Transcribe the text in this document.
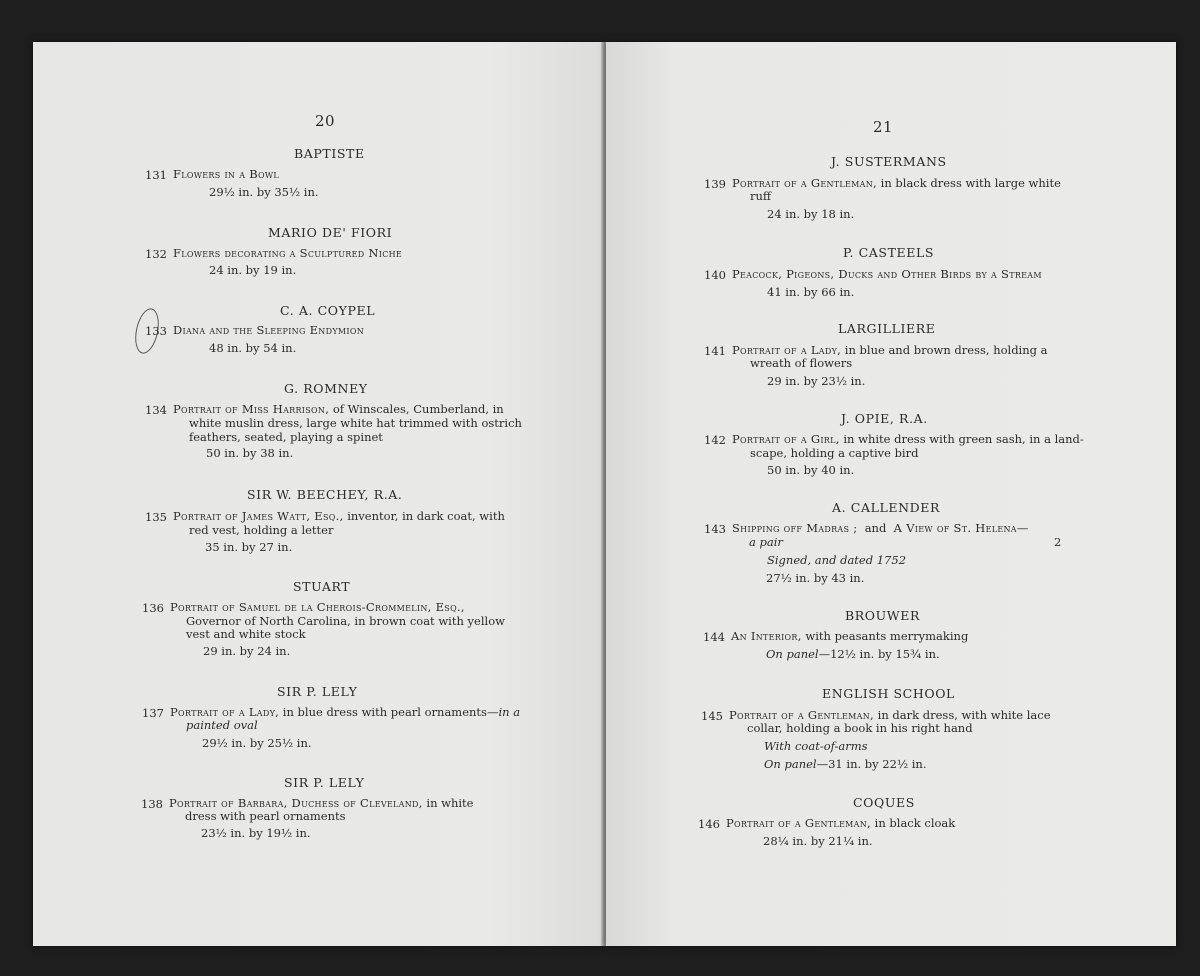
20
BAPTISTE
131 Flowers in a Bowl
29½ in. by 35½ in.
MARIO DE' FIORI
132 Flowers decorating a Sculptured Niche
24 in. by 19 in.
C. A. COYPEL
133 Diana and the Sleeping Endymion
48 in. by 54 in.
G. ROMNEY
134 Portrait of Miss Harrison, of Winscales, Cumberland, in
white muslin dress, large white hat trimmed with ostrich
feathers, seated, playing a spinet
50 in. by 38 in.
SIR W. BEECHEY, R.A.
135 Portrait of James Watt, Esq., inventor, in dark coat, with
red vest, holding a letter
35 in. by 27 in.
STUART
136 Portrait of Samuel de la Cherois-Crommelin, Esq.,
Governor of North Carolina, in brown coat with yellow
vest and white stock
29 in. by 24 in.
SIR P. LELY
137 Portrait of a Lady, in blue dress with pearl ornaments—in a
painted oval
29½ in. by 25½ in.
SIR P. LELY
138 Portrait of Barbara, Duchess of Cleveland, in white
dress with pearl ornaments
23½ in. by 19½ in.
21
J. SUSTERMANS
139 Portrait of a Gentleman, in black dress with large white
ruff
24 in. by 18 in.
P. CASTEELS
140 Peacock, Pigeons, Ducks and Other Birds by a Stream
41 in. by 66 in.
LARGILLIERE
141 Portrait of a Lady, in blue and brown dress, holding a
wreath of flowers
29 in. by 23½ in.
J. OPIE, R.A.
142 Portrait of a Girl, in white dress with green sash, in a land-
scape, holding a captive bird
50 in. by 40 in.
A. CALLENDER
143 Shipping off Madras ; and A View of St. Helena—
a pair	2
Signed, and dated 1752
27½ in. by 43 in.
BROUWER
144 An Interior, with peasants merrymaking
On panel—12½ in. by 15¾ in.
ENGLISH SCHOOL
145 Portrait of a Gentleman, in dark dress, with white lace
collar, holding a book in his right hand
With coat-of-arms
On panel—31 in. by 22½ in.
COQUES
146 Portrait of a Gentleman, in black cloak
28¼ in. by 21¼ in.
